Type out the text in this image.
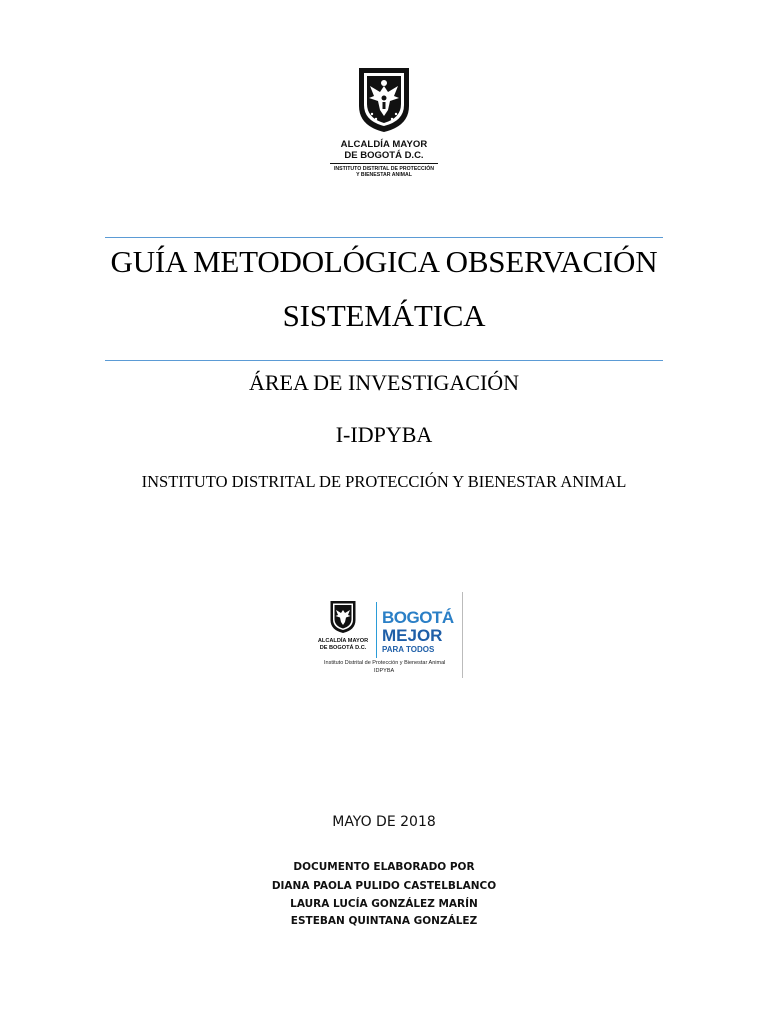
ALCALDÍA MAYOR
DE BOGOTÁ D.C.
INSTITUTO DISTRITAL DE PROTECCIÓN
Y BIENESTAR ANIMAL
GUÍA METODOLÓGICA OBSERVACIÓN
SISTEMÁTICA
ÁREA DE INVESTIGACIÓN
I-IDPYBA
INSTITUTO DISTRITAL DE PROTECCIÓN Y BIENESTAR ANIMAL
ALCALDÍA MAYOR
DE BOGOTÁ D.C.
BOGOTÁ
MEJOR
PARA TODOS
Instituto Distrital de Protección y Bienestar Animal
IDPYBA
MAYO DE 2018
DOCUMENTO ELABORADO POR
DIANA PAOLA PULIDO CASTELBLANCO
LAURA LUCÍA GONZÁLEZ MARÍN
ESTEBAN QUINTANA GONZÁLEZ
